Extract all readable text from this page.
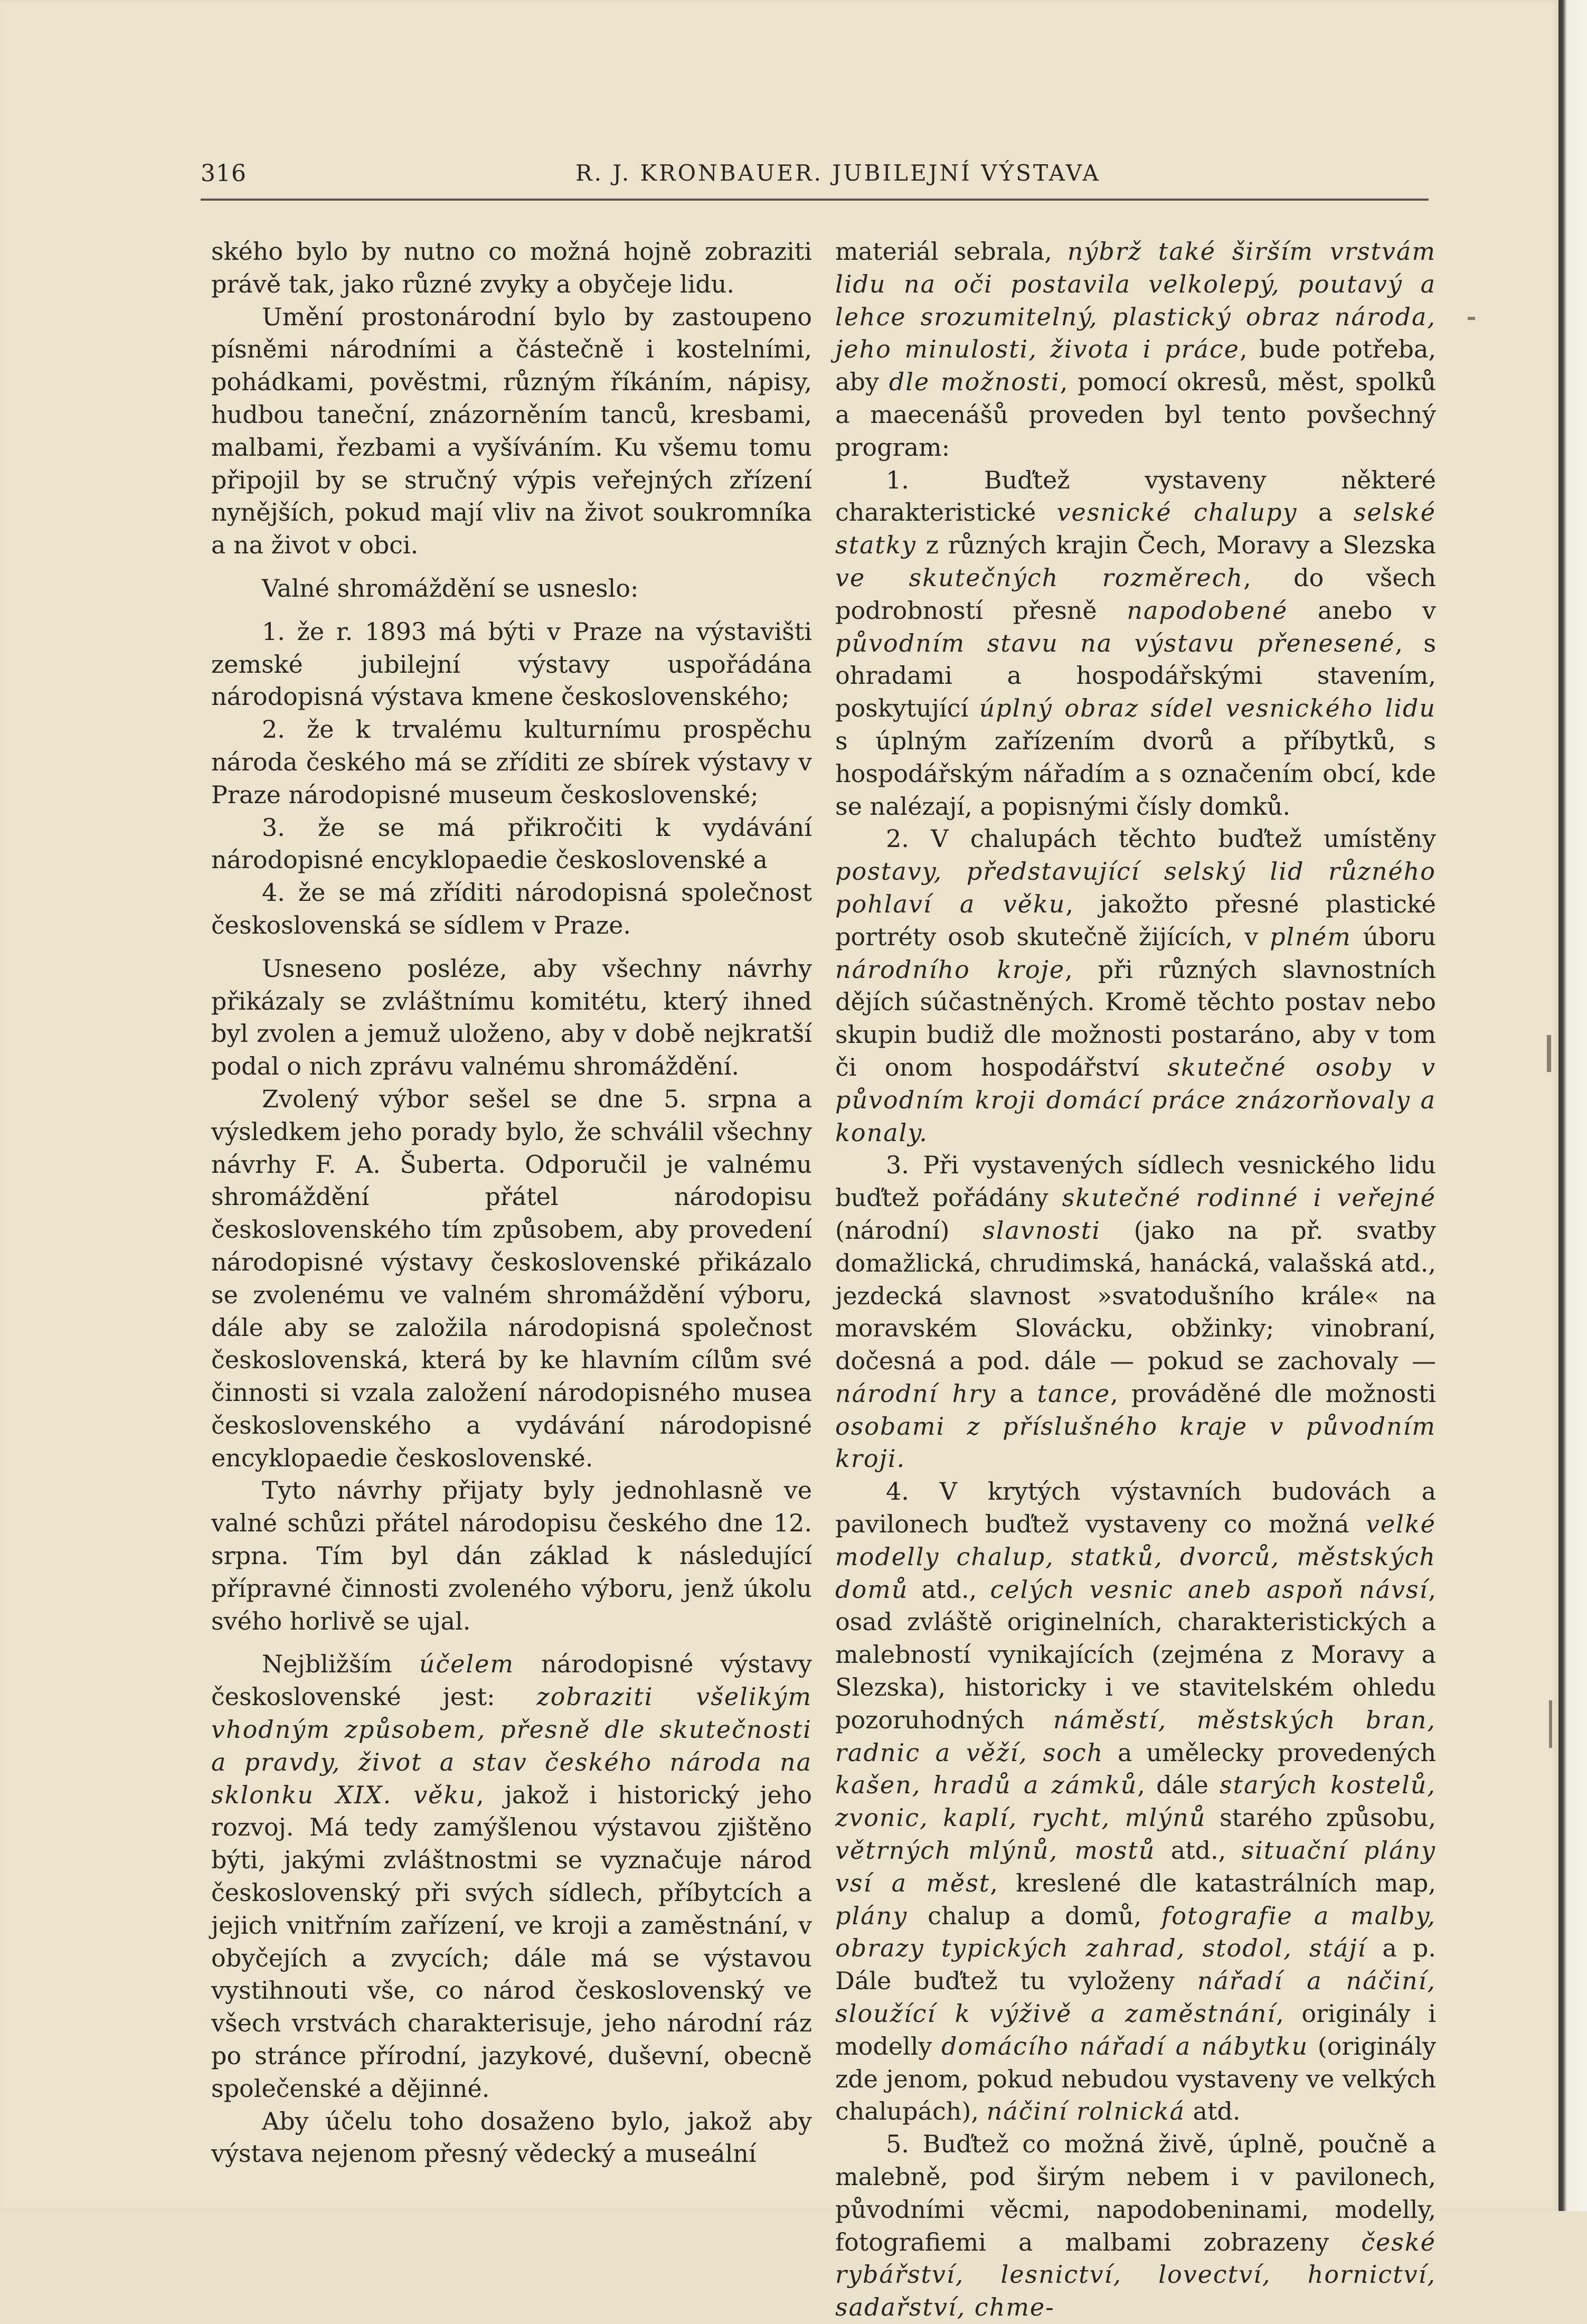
316	R. J. KRONBAUER. JUBILEJNÍ VÝSTAVA

ského bylo by nutno co možná hojně zobraziti právě tak, jako různé zvyky a obyčeje lidu.

Umění prostonárodní bylo by zastoupeno písněmi národními a částečně i kostelními, pohádkami, pověstmi, různým říkáním, nápisy, hudbou taneční, znázorněním tanců, kresbami, malbami, řezbami a vyšíváním. Ku všemu tomu připojil by se stručný výpis veřejných zřízení nynějších, pokud mají vliv na život soukromníka a na život v obci.

Valné shromáždění se usneslo:

1. že r. 1893 má býti v Praze na výstavišti zemské jubilejní výstavy uspořádána národopisná výstava kmene československého;

2. že k trvalému kulturnímu prospěchu národa českého má se zříditi ze sbírek výstavy v Praze národopisné museum československé;

3. že se má přikročiti k vydávání národopisné encyklopaedie československé a

4. že se má zříditi národopisná společnost československá se sídlem v Praze.

Usneseno posléze, aby všechny návrhy přikázaly se zvláštnímu komitétu, který ihned byl zvolen a jemuž uloženo, aby v době nejkratší podal o nich zprávu valnému shromáždění.

Zvolený výbor sešel se dne 5. srpna a výsledkem jeho porady bylo, že schválil všechny návrhy F. A. Šuberta. Odporučil je valnému shromáždění přátel národopisu československého tím způsobem, aby provedení národopisné výstavy československé přikázalo se zvolenému ve valném shromáždění výboru, dále aby se založila národopisná společnost československá, která by ke hlavním cílům své činnosti si vzala založení národopisného musea československého a vydávání národopisné encyklopaedie československé.

Tyto návrhy přijaty byly jednohlasně ve valné schůzi přátel národopisu českého dne 12. srpna. Tím byl dán základ k následující přípravné činnosti zvoleného výboru, jenž úkolu svého horlivě se ujal.

Nejbližším účelem národopisné výstavy československé jest: zobraziti všelikým vhodným způsobem, přesně dle skutečnosti a pravdy, život a stav českého národa na sklonku XIX. věku, jakož i historický jeho rozvoj. Má tedy zamýšlenou výstavou zjištěno býti, jakými zvláštnostmi se vyznačuje národ československý při svých sídlech, příbytcích a jejich vnitřním zařízení, ve kroji a zaměstnání, v obyčejích a zvycích; dále má se výstavou vystihnouti vše, co národ československý ve všech vrstvách charakterisuje, jeho národní ráz po stránce přírodní, jazykové, duševní, obecně společenské a dějinné.

Aby účelu toho dosaženo bylo, jakož aby výstava nejenom přesný vědecký a museální

materiál sebrala, nýbrž také širším vrstvám lidu na oči postavila velkolepý, poutavý a lehce srozumitelný, plastický obraz národa, jeho minulosti, života i práce, bude potřeba, aby dle možnosti, pomocí okresů, měst, spolků a maecenášů proveden byl tento povšechný program:

1. Buďtež vystaveny některé charakteristické vesnické chalupy a selské statky z různých krajin Čech, Moravy a Slezska ve skutečných rozměrech, do všech podrobností přesně napodobené anebo v původním stavu na výstavu přenesené, s ohradami a hospodářskými stavením, poskytující úplný obraz sídel vesnického lidu s úplným zařízením dvorů a příbytků, s hospodářským nářadím a s označením obcí, kde se nalézají, a popisnými čísly domků.

2. V chalupách těchto buďtež umístěny postavy, představující selský lid různého pohlaví a věku, jakožto přesné plastické portréty osob skutečně žijících, v plném úboru národního kroje, při různých slavnostních dějích súčastněných. Kromě těchto postav nebo skupin budiž dle možnosti postaráno, aby v tom či onom hospodářství skutečné osoby v původním kroji domácí práce znázorňovaly a konaly.

3. Při vystavených sídlech vesnického lidu buďtež pořádány skutečné rodinné i veřejné (národní) slavnosti (jako na př. svatby domažlická, chrudimská, hanácká, valašská atd., jezdecká slavnost »svatodušního krále« na moravském Slovácku, obžinky; vinobraní, dočesná a pod. dále — pokud se zachovaly — národní hry a tance, prováděné dle možnosti osobami z příslušného kraje v původním kroji.

4. V krytých výstavních budovách a pavilonech buďtež vystaveny co možná velké modelly chalup, statků, dvorců, městských domů atd., celých vesnic aneb aspoň návsí, osad zvláště originelních, charakteristických a malebností vynikajících (zejména z Moravy a Slezska), historicky i ve stavitelském ohledu pozoruhodných náměstí, městských bran, radnic a věží, soch a umělecky provedených kašen, hradů a zámků, dále starých kostelů, zvonic, kaplí, rycht, mlýnů starého způsobu, větrných mlýnů, mostů atd., situační plány vsí a měst, kreslené dle katastrálních map, plány chalup a domů, fotografie a malby, obrazy typických zahrad, stodol, stájí a p. Dále buďtež tu vyloženy nářadí a náčiní, sloužící k výživě a zaměstnání, originály i modelly domácího nářadí a nábytku (originály zde jenom, pokud nebudou vystaveny ve velkých chalupách), náčiní rolnická atd.

5. Buďtež co možná živě, úplně, poučně a malebně, pod širým nebem i v pavilonech, původními věcmi, napodobeninami, modelly, fotografiemi a malbami zobrazeny české rybářství, lesnictví, lovectví, hornictví, sadařství, chme-
